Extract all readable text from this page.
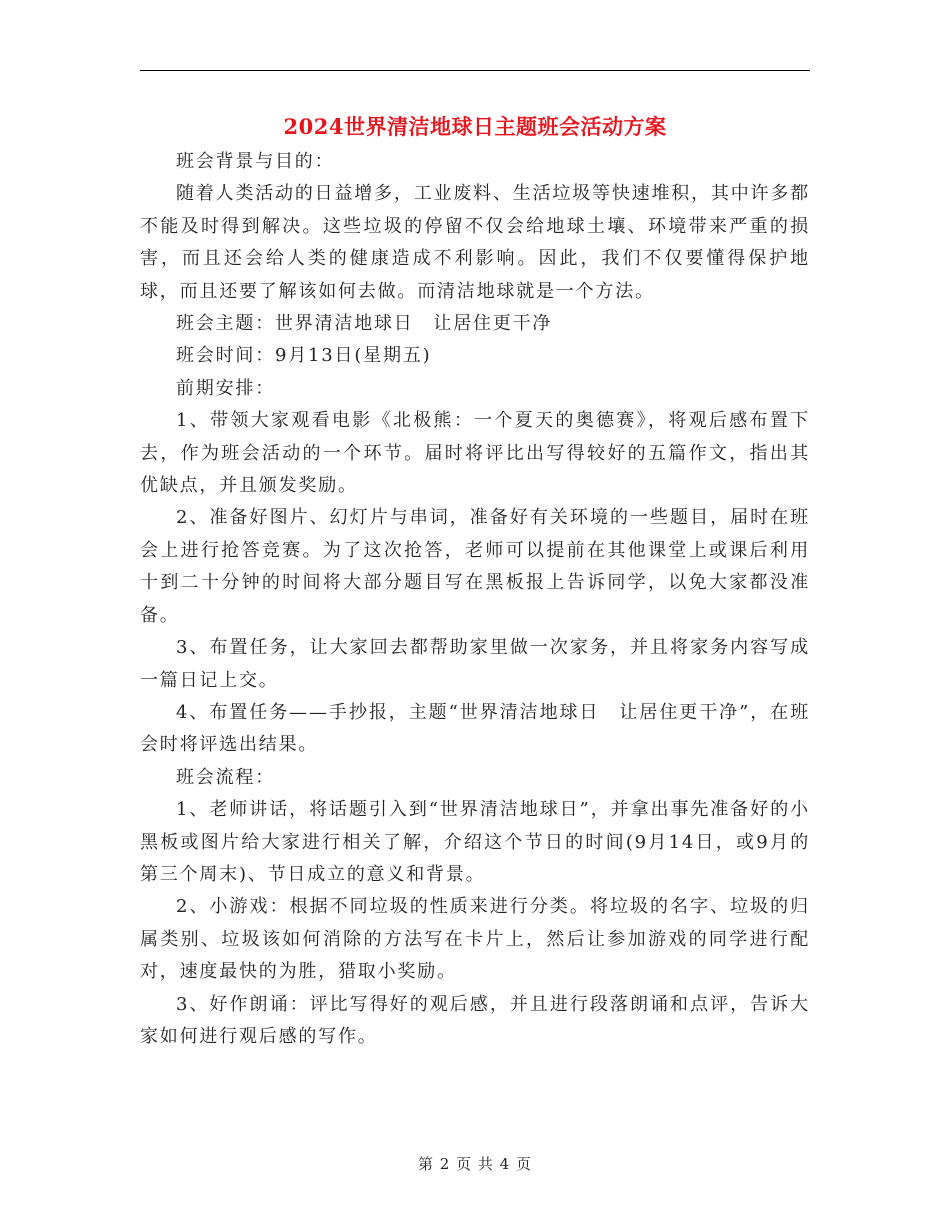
2024世界清洁地球日主题班会活动方案

班会背景与目的：

随着人类活动的日益增多，工业废料、生活垃圾等快速堆积，其中许多都不能及时得到解决。这些垃圾的停留不仅会给地球土壤、环境带来严重的损害，而且还会给人类的健康造成不利影响。因此，我们不仅要懂得保护地球，而且还要了解该如何去做。而清洁地球就是一个方法。

班会主题：世界清洁地球日　让居住更干净

班会时间：9月13日(星期五)

前期安排：

1、带领大家观看电影《北极熊：一个夏天的奥德赛》，将观后感布置下去，作为班会活动的一个环节。届时将评比出写得较好的五篇作文，指出其优缺点，并且颁发奖励。

2、准备好图片、幻灯片与串词，准备好有关环境的一些题目，届时在班会上进行抢答竞赛。为了这次抢答，老师可以提前在其他课堂上或课后利用十到二十分钟的时间将大部分题目写在黑板报上告诉同学，以免大家都没准备。

3、布置任务，让大家回去都帮助家里做一次家务，并且将家务内容写成一篇日记上交。

4、布置任务——手抄报，主题“世界清洁地球日　让居住更干净”，在班会时将评选出结果。

班会流程：

1、老师讲话，将话题引入到“世界清洁地球日”，并拿出事先准备好的小黑板或图片给大家进行相关了解，介绍这个节日的时间(9月14日，或9月的第三个周末)、节日成立的意义和背景。

2、小游戏：根据不同垃圾的性质来进行分类。将垃圾的名字、垃圾的归属类别、垃圾该如何消除的方法写在卡片上，然后让参加游戏的同学进行配对，速度最快的为胜，猎取小奖励。

3、好作朗诵：评比写得好的观后感，并且进行段落朗诵和点评，告诉大家如何进行观后感的写作。

第 2 页 共 4 页
